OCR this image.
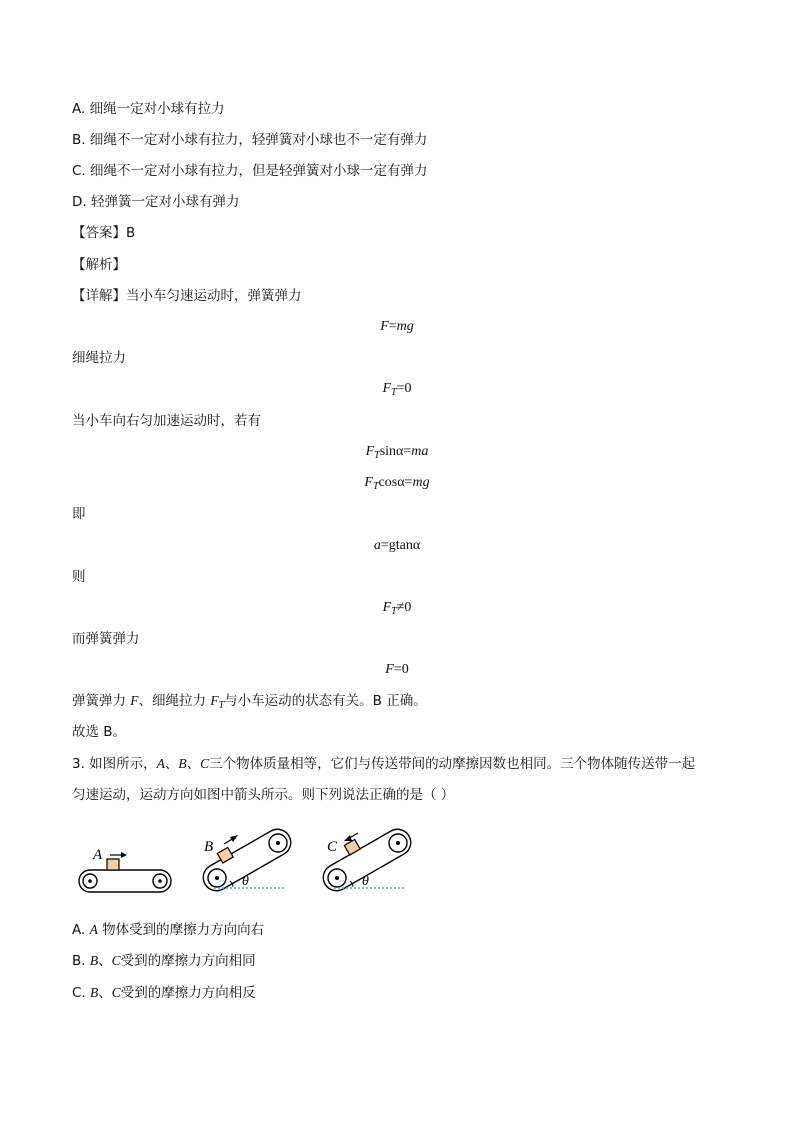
A. 细绳一定对小球有拉力
B. 细绳不一定对小球有拉力，轻弹簧对小球也不一定有弹力
C. 细绳不一定对小球有拉力，但是轻弹簧对小球一定有弹力
D. 轻弹簧一定对小球有弹力
【答案】B
【解析】
【详解】当小车匀速运动时，弹簧弹力
F=mg
细绳拉力
$F_T=0$
当小车向右匀加速运动时，若有
$F_T\sin\alpha=ma$
$F_T\cos\alpha=mg$
即
a=gtanα
则
$F_T\ne 0$
而弹簧弹力
F=0
弹簧弹力 F、细绳拉力 $F_T$与小车运动的状态有关。B 正确。
故选 B。
3. 如图所示，A、B、C三个物体质量相等，它们与传送带间的动摩擦因数也相同。三个物体随传送带一起
匀速运动，运动方向如图中箭头所示。则下列说法正确的是（ ）
A	B
θ
C
θ
A. A 物体受到的摩擦力方向向右
B. B、C受到的摩擦力方向相同
C. B、C受到的摩擦力方向相反
